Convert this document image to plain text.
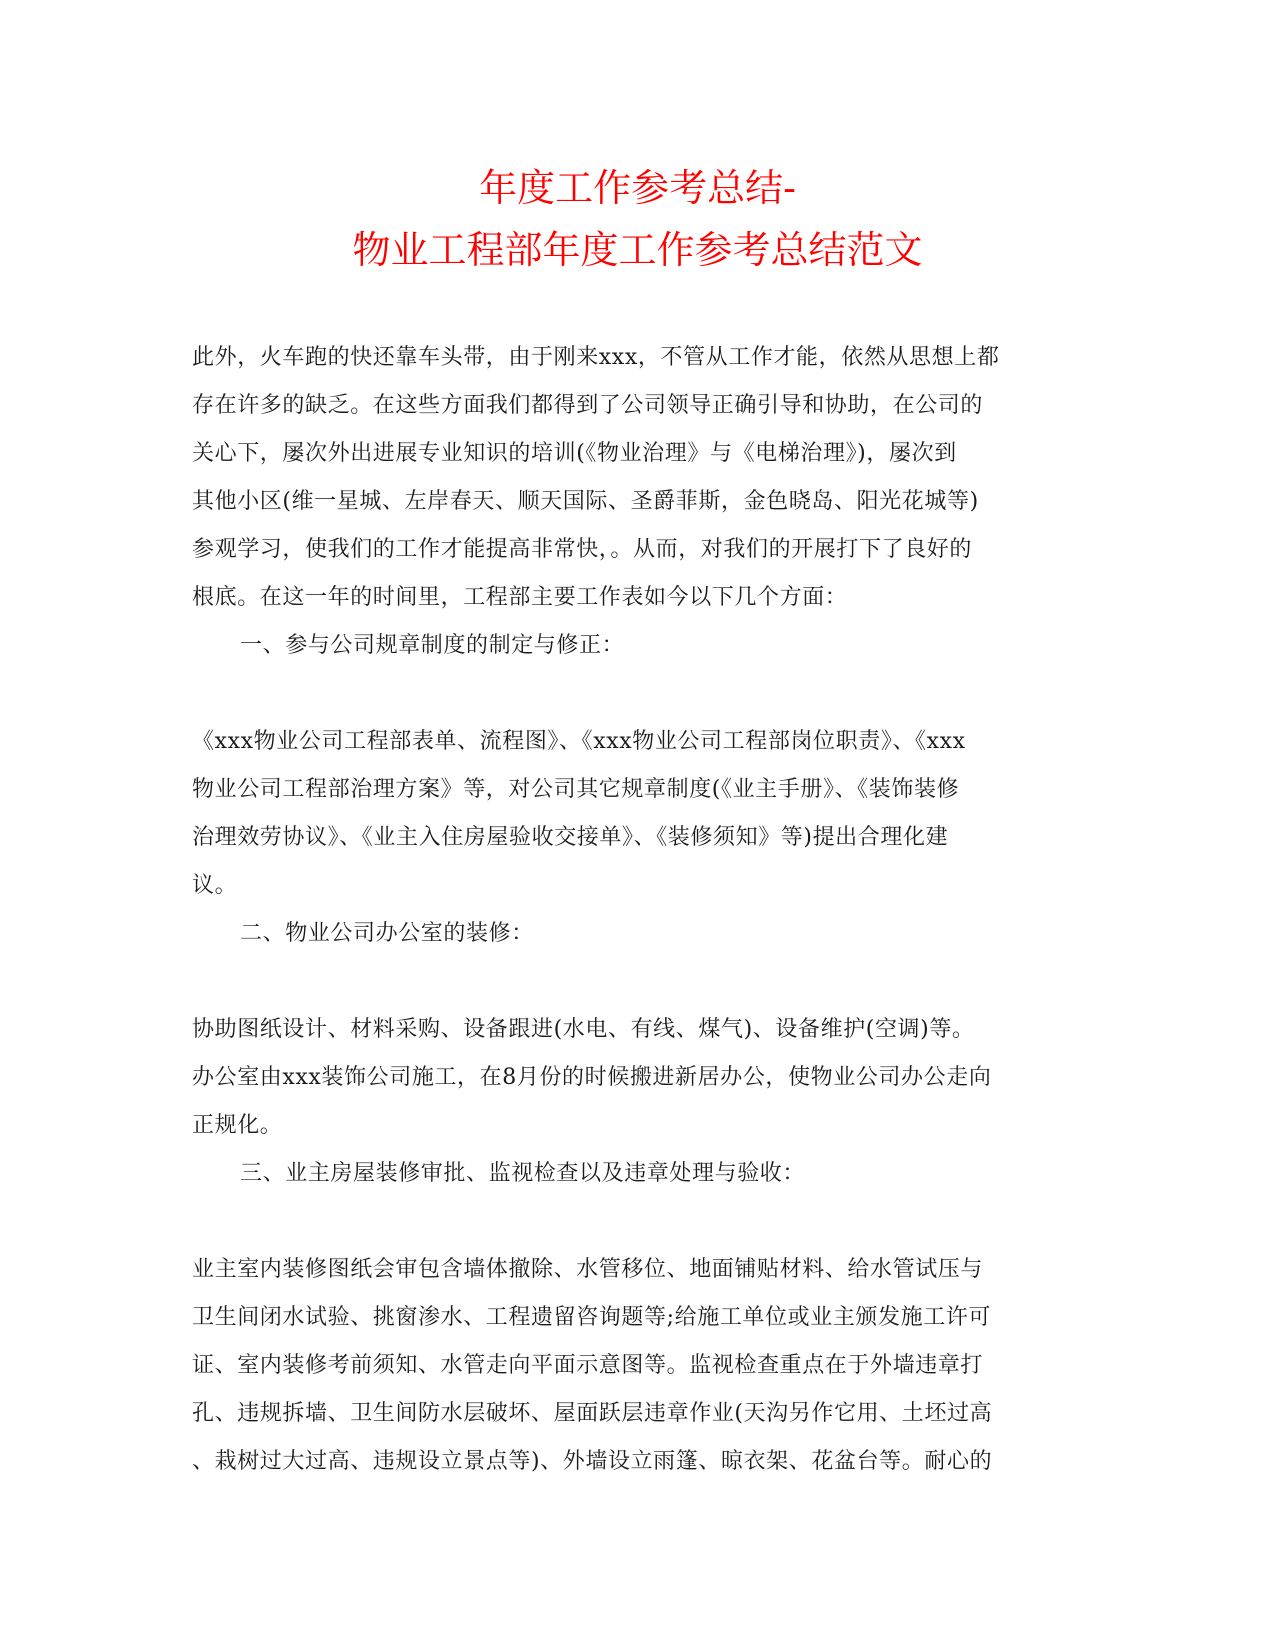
年度工作参考总结-
物业工程部年度工作参考总结范文
此外，火车跑的快还靠车头带，由于刚来xxx，不管从工作才能，依然从思想上都
存在许多的缺乏。在这些方面我们都得到了公司领导正确引导和协助，在公司的
关心下，屡次外出进展专业知识的培训(《物业治理》与《电梯治理》)，屡次到
其他小区(维一星城、左岸春天、顺天国际、圣爵菲斯，金色晓岛、阳光花城等)
参观学习，使我们的工作才能提高非常快，。从而，对我们的开展打下了良好的
根底。在这一年的时间里，工程部主要工作表如今以下几个方面：
一、参与公司规章制度的制定与修正：
《xxx物业公司工程部表单、流程图》、《xxx物业公司工程部岗位职责》、《xxx
物业公司工程部治理方案》等，对公司其它规章制度(《业主手册》、《装饰装修
治理效劳协议》、《业主入住房屋验收交接单》、《装修须知》等)提出合理化建
议。
二、物业公司办公室的装修：
协助图纸设计、材料采购、设备跟进(水电、有线、煤气)、设备维护(空调)等。
办公室由xxx装饰公司施工，在8月份的时候搬进新居办公，使物业公司办公走向
正规化。
三、业主房屋装修审批、监视检查以及违章处理与验收：
业主室内装修图纸会审包含墙体撤除、水管移位、地面铺贴材料、给水管试压与
卫生间闭水试验、挑窗渗水、工程遗留咨询题等;给施工单位或业主颁发施工许可
证、室内装修考前须知、水管走向平面示意图等。监视检查重点在于外墙违章打
孔、违规拆墙、卫生间防水层破坏、屋面跃层违章作业(天沟另作它用、土坯过高
、栽树过大过高、违规设立景点等)、外墙设立雨篷、晾衣架、花盆台等。耐心的
